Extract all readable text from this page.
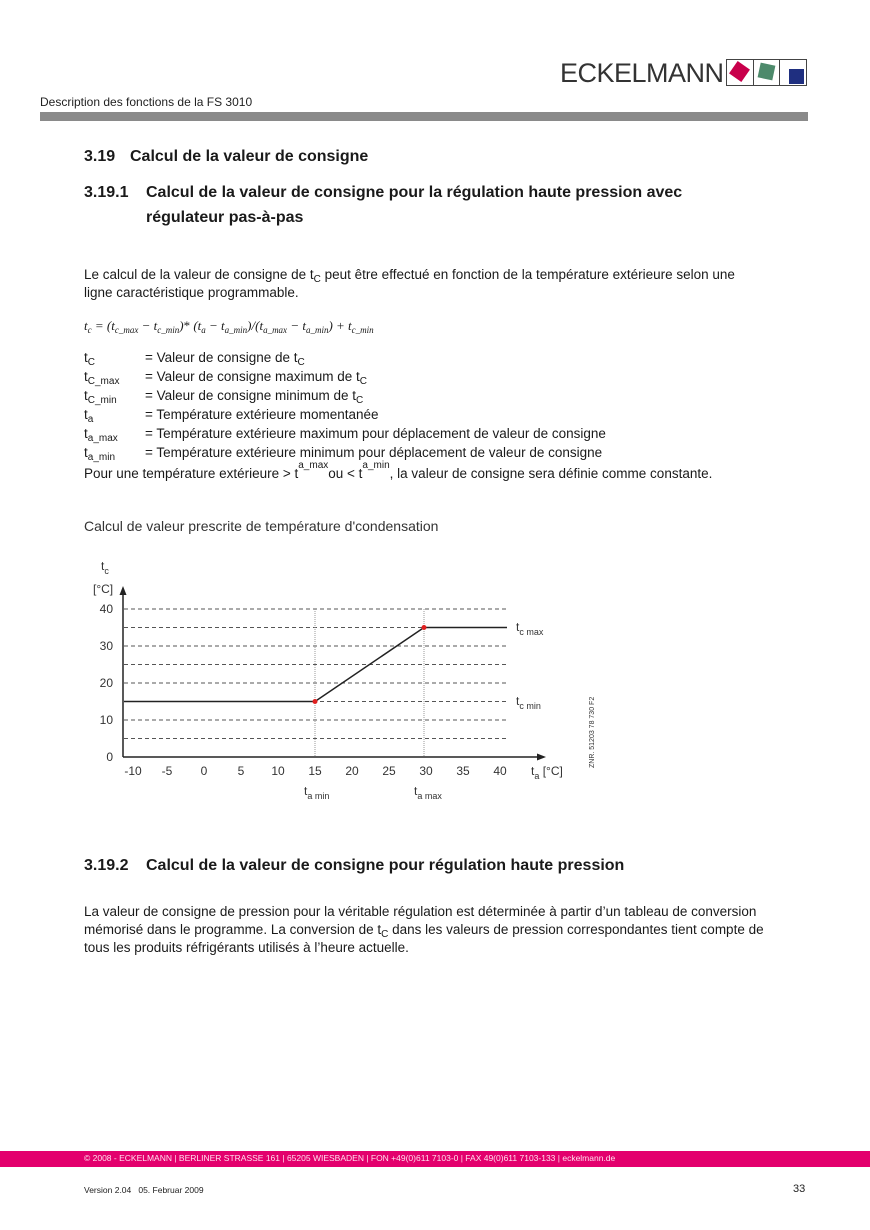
ECKELMANN
Description des fonctions de la FS 3010
3.19 Calcul de la valeur de consigne
3.19.1 Calcul de la valeur de consigne pour la régulation haute pression avec
régulateur pas-à-pas
Le calcul de la valeur de consigne de $t_C$ peut être effectué en fonction de la température extérieure selon une
ligne caractéristique programmable.
$t_c = (t_{c\_max} - t_{c\_min})*$ $(t_a - t_{a\_min})/(t_{a\_max} - t_{a\_min}) + t_{c\_min}$
$t_C$	= Valeur de consigne de $t_C$
$t_{C\_max}$	= Valeur de consigne maximum de $t_C$
$t_{C\_min}$	= Valeur de consigne minimum de $t_C$
$t_a$	= Température extérieure momentanée
$t_{a\_max}$	= Température extérieure maximum pour déplacement de valeur de consigne
$t_{a\_min}$	= Température extérieure minimum pour déplacement de valeur de consigne
Pour une température extérieure > t
a_max
ou < t
a_min
, la valeur de consigne sera définie comme constante.
Calcul de valeur prescrite de température d'condensation
40
30
20
10
0
-10 -5 0	5 10 15 20 25 30 35 40
$t_c$
[°C]
$t_a$ [°C]
$t_{c max}$
$t_{c min}$
$t_{a min}$	$t_{a max}$
ZNR. 51203 78 730 F2
3.19.2 Calcul de la valeur de consigne pour régulation haute pression
La valeur de consigne de pression pour la véritable régulation est déterminée à partir d’un tableau de conversion
mémorisé dans le programme. La conversion de $t_C$ dans les valeurs de pression correspondantes tient compte de
tous les produits réfrigérants utilisés à l’heure actuelle.
© 2008 - ECKELMANN | BERLINER STRASSE 161 | 65205 WIESBADEN | FON +49(0)611 7103-0 | FAX 49(0)611 7103-133 | eckelmann.de
Version 2.04   05. Februar 2009	33
